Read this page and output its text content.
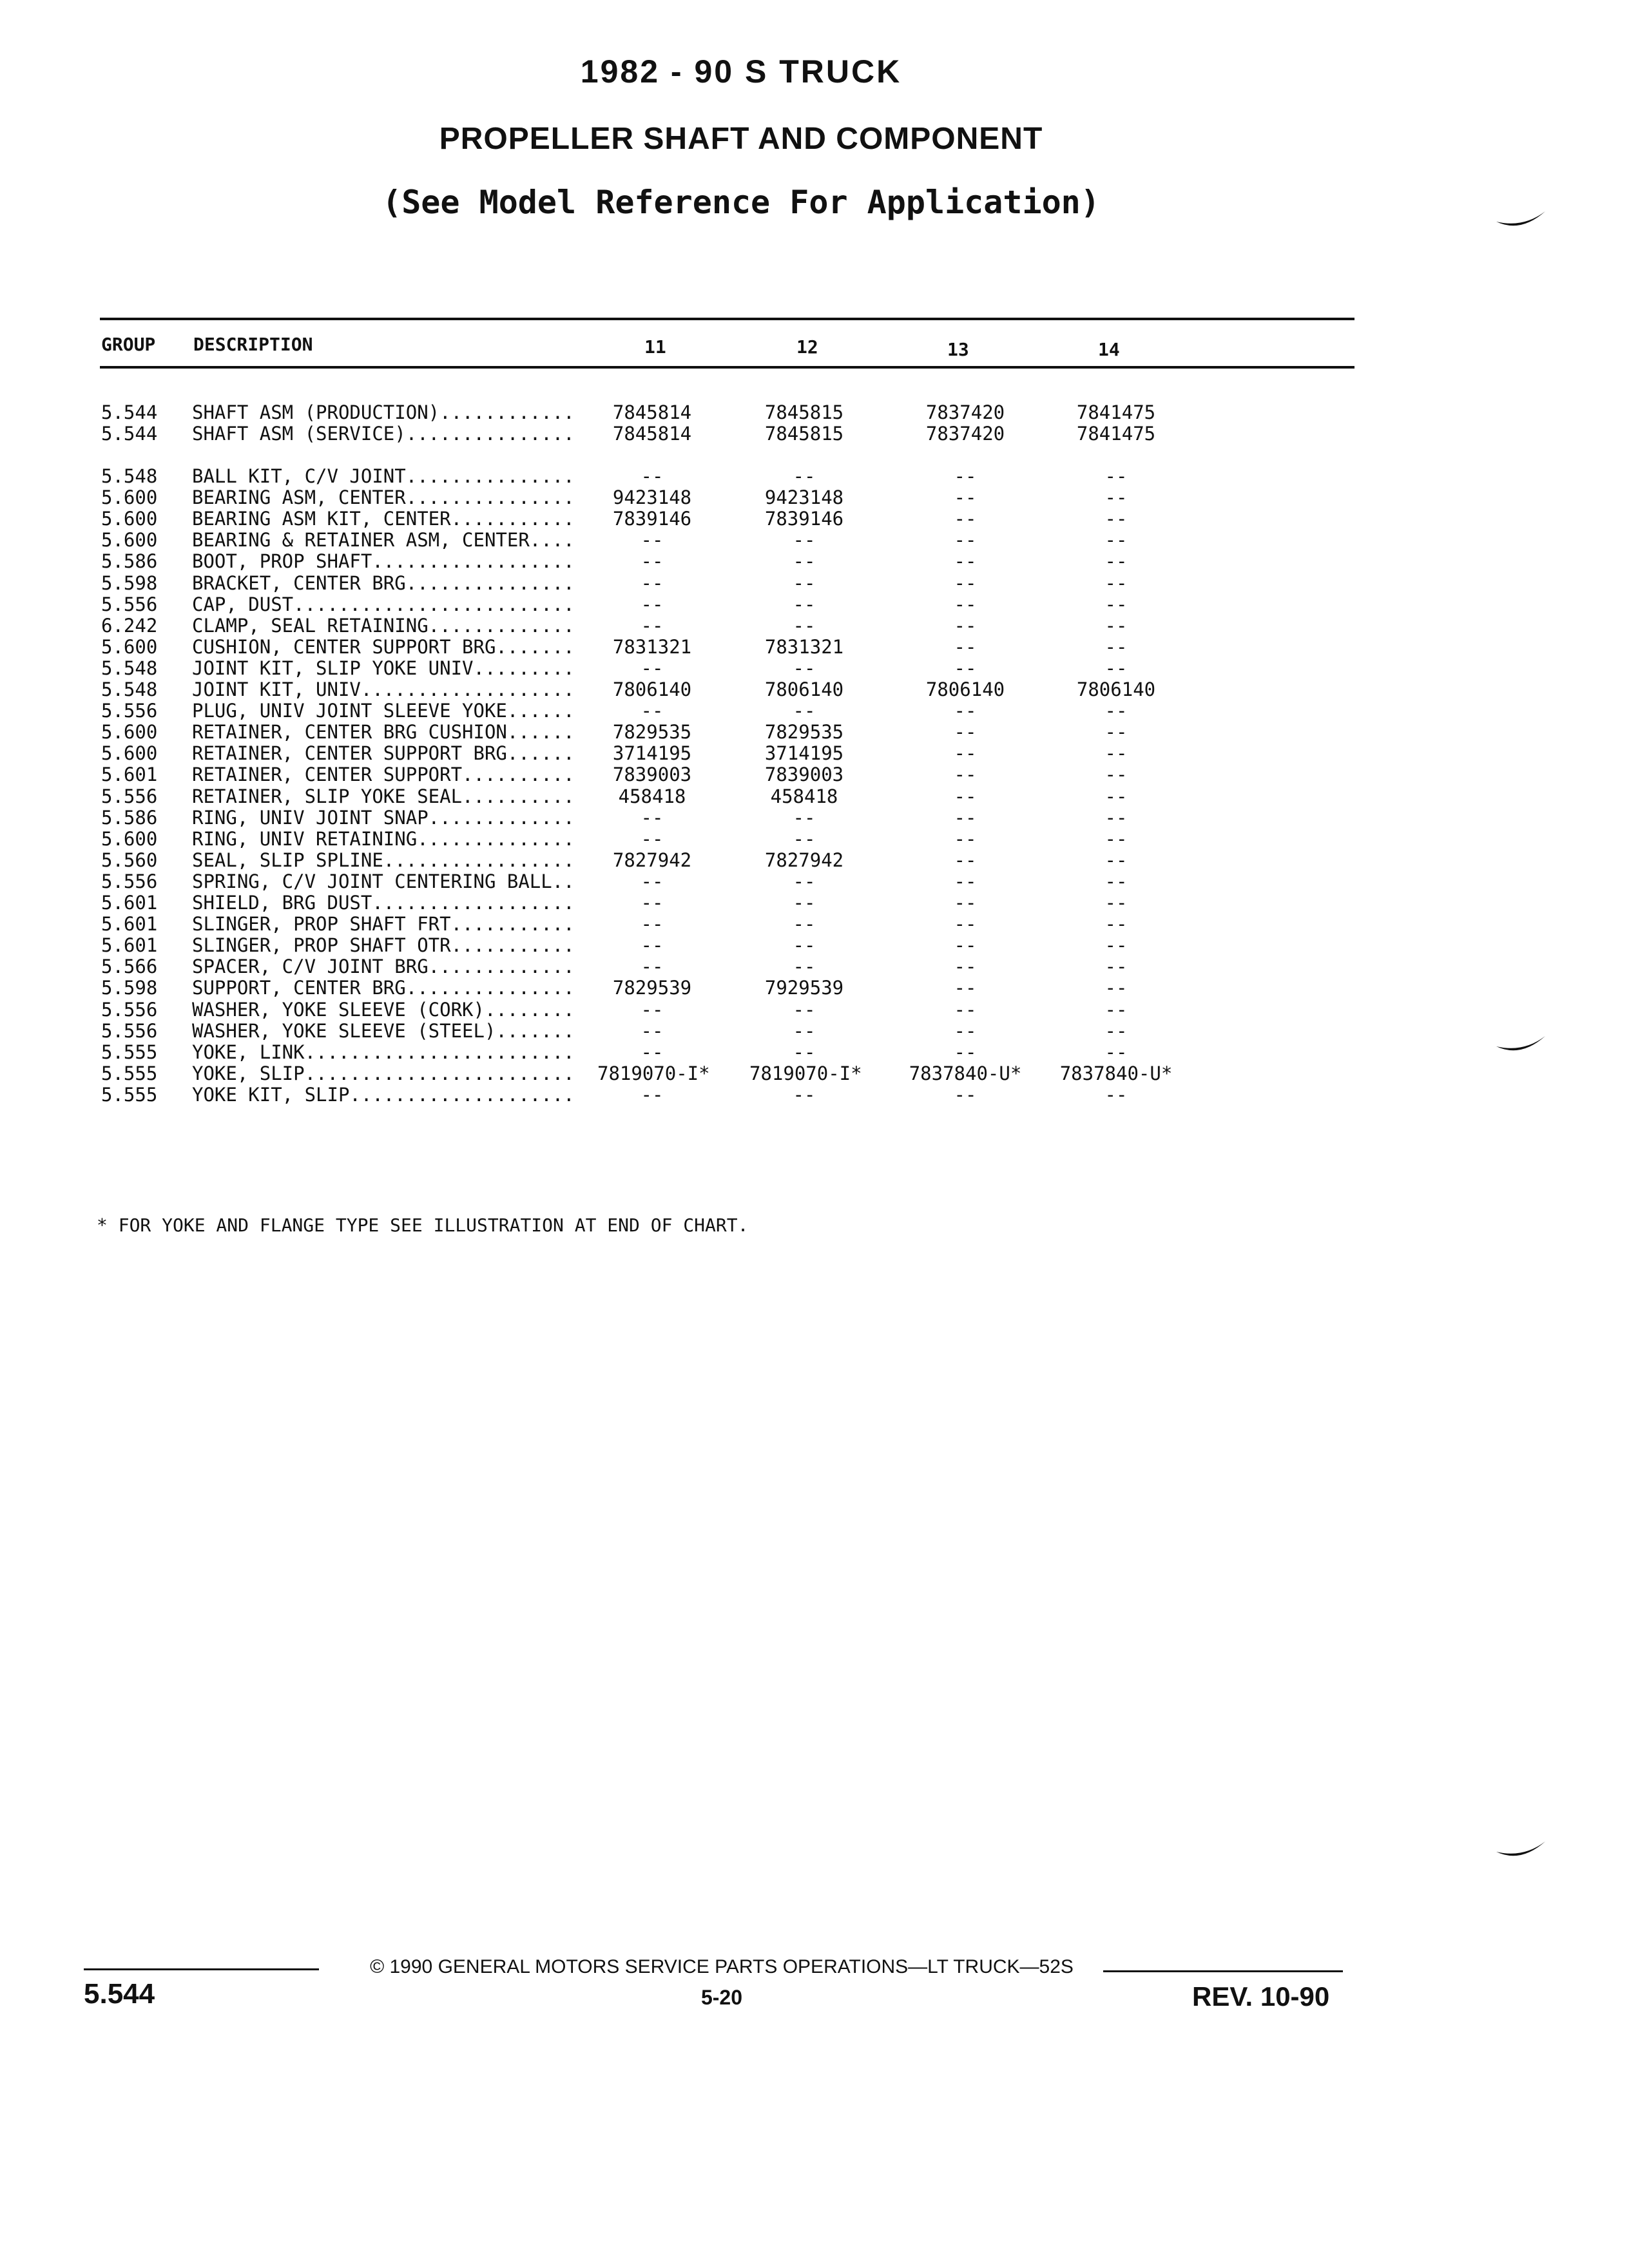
1982 - 90 S TRUCK
PROPELLER SHAFT AND COMPONENT
(See Model Reference For Application)
GROUP DESCRIPTION	11	12	13	14
5.544 SHAFT ASM (PRODUCTION)............	7845814	7845815	7837420	7841475
5.544 SHAFT ASM (SERVICE)...............	7845814	7845815	7837420	7841475
5.548 BALL KIT, C/V JOINT...............	--	--	--	--
5.600 BEARING ASM, CENTER...............	9423148	9423148	--	--
5.600 BEARING ASM KIT, CENTER...........	7839146	7839146	--	--
5.600 BEARING & RETAINER ASM, CENTER....	--	--	--	--
5.586 BOOT, PROP SHAFT..................	--	--	--	--
5.598 BRACKET, CENTER BRG...............	--	--	--	--
5.556 CAP, DUST.........................	--	--	--	--
6.242 CLAMP, SEAL RETAINING.............	--	--	--	--
5.600 CUSHION, CENTER SUPPORT BRG.......	7831321	7831321	--	--
5.548 JOINT KIT, SLIP YOKE UNIV.........	--	--	--	--
5.548 JOINT KIT, UNIV...................	7806140	7806140	7806140	7806140
5.556 PLUG, UNIV JOINT SLEEVE YOKE......	--	--	--	--
5.600 RETAINER, CENTER BRG CUSHION......	7829535	7829535	--	--
5.600 RETAINER, CENTER SUPPORT BRG......	3714195	3714195	--	--
5.601 RETAINER, CENTER SUPPORT..........	7839003	7839003	--	--
5.556 RETAINER, SLIP YOKE SEAL..........	458418	458418	--	--
5.586 RING, UNIV JOINT SNAP.............	--	--	--	--
5.600 RING, UNIV RETAINING..............	--	--	--	--
5.560 SEAL, SLIP SPLINE.................	7827942	7827942	--	--
5.556 SPRING, C/V JOINT CENTERING BALL..	--	--	--	--
5.601 SHIELD, BRG DUST..................	--	--	--	--
5.601 SLINGER, PROP SHAFT FRT...........	--	--	--	--
5.601 SLINGER, PROP SHAFT OTR...........	--	--	--	--
5.566 SPACER, C/V JOINT BRG.............	--	--	--	--
5.598 SUPPORT, CENTER BRG...............	7829539	7929539	--	--
5.556 WASHER, YOKE SLEEVE (CORK)........	--	--	--	--
5.556 WASHER, YOKE SLEEVE (STEEL).......	--	--	--	--
5.555 YOKE, LINK........................	--	--	--	--
5.555 YOKE, SLIP........................ 7819070-I* 7819070-I*	7837840-U*	7837840-U*
5.555 YOKE KIT, SLIP....................	--	--	--	--
* FOR YOKE AND FLANGE TYPE SEE ILLUSTRATION AT END OF CHART.
© 1990 GENERAL MOTORS SERVICE PARTS OPERATIONS—LT TRUCK—52S
5.544	5-20	REV. 10-90
